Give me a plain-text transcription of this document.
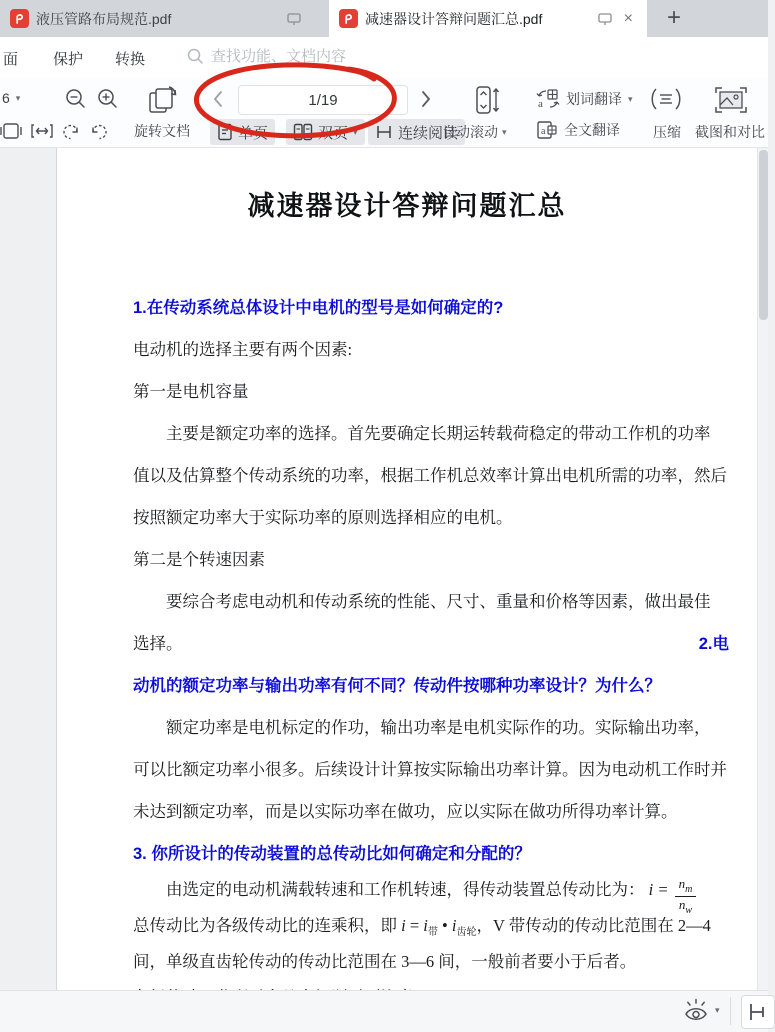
液压管路布局规范.pdf	减速器设计答辩问题汇总.pdf	×	+
面 保护 转换	查找功能、文档内容
6 ▾
旋转文档
1/19
单页	双页 ▾	连续阅读
自动滚动 ▾
a 划词翻译 ▾
a 全文翻译 压缩 截图和对比
减速器设计答辩问题汇总
1.在传动系统总体设计中电机的型号是如何确定的?
电动机的选择主要有两个因素:
第一是电机容量
主要是额定功率的选择。首先要确定长期运转载荷稳定的带动工作机的功率
值以及估算整个传动系统的功率，根据工作机总效率计算出电机所需的功率，然后
按照额定功率大于实际功率的原则选择相应的电机。
第二是个转速因素
要综合考虑电动机和传动系统的性能、尺寸、重量和价格等因素，做出最佳
选择。	2.电
动机的额定功率与输出功率有何不同？传动件按哪种功率设计？为什么？
额定功率是电机标定的作功，输出功率是电机实际作的功。实际输出功率，
可以比额定功率小很多。后续设计计算按实际输出功率计算。因为电动机工作时并
未达到额定功率，而是以实际功率在做功，应以实际在做功所得功率计算。
3. 你所设计的传动装置的总传动比如何确定和分配的？
由选定的电动机满载转速和工作机转速，得传动装置总传动比为： $i = \frac{n_m}{n_w}$
总传动比为各级传动比的连乘积，即 $i = i_带$ • $i_{齿轮}$，V 带传动的传动比范围在 2—4
间，单级直齿轮传动的传动比范围在 3—6 间，一般前者要小于后者。
▾
